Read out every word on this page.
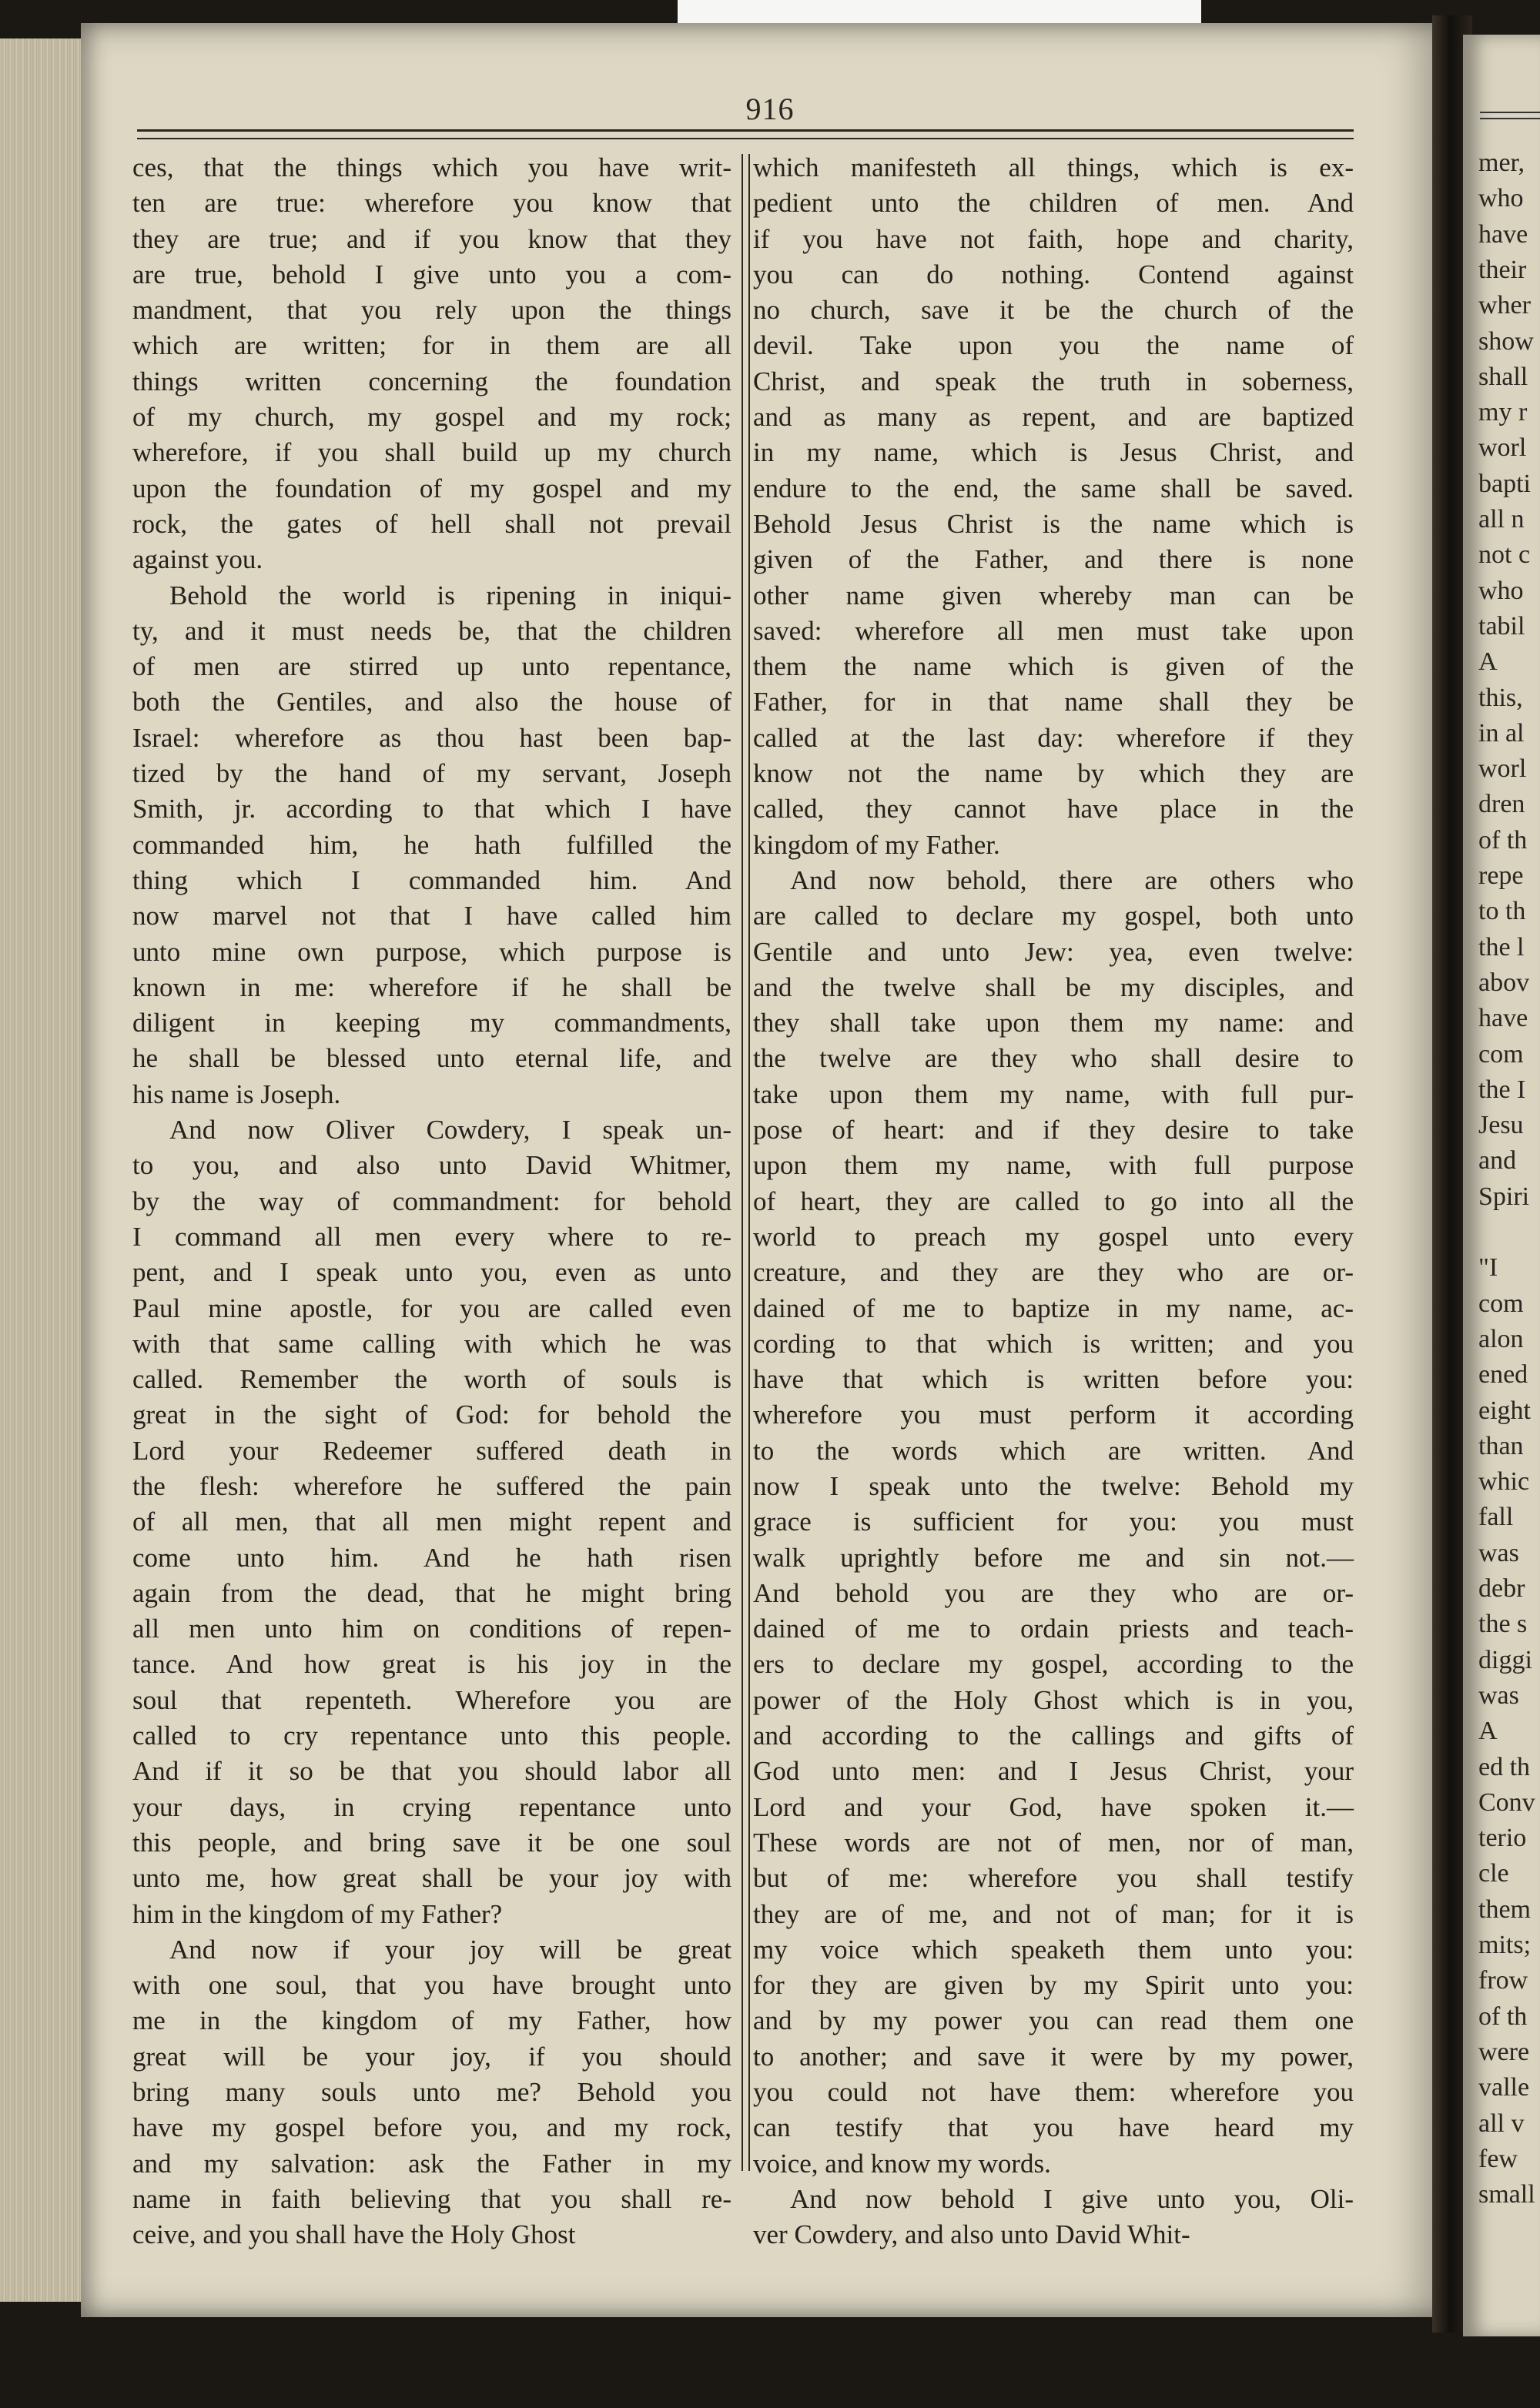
mer,
who
have
their
wher
show
shall
my r
worl
bapti
all n
not c
who
tabil
A
this,
in al
worl
dren
of th
repe
to th
the l
abov
have
com
the I
Jesu
and
Spiri
"I
com
alon
ened
eight
than
whic
fall
was
debr
the s
diggi
was
A
ed th
Conv
terio
cle
them
mits;
frow
of th
were
valle
all v
few
small
916
ces, that the things which you have writ-
ten are true: wherefore you know that
they are true; and if you know that they
are true, behold I give unto you a com-
mandment, that you rely upon the things
which are written; for in them are all
things written concerning the foundation
of my church, my gospel and my rock;
wherefore, if you shall build up my church
upon the foundation of my gospel and my
rock, the gates of hell shall not prevail
against you.
Behold the world is ripening in iniqui-
ty, and it must needs be, that the children
of men are stirred up unto repentance,
both the Gentiles, and also the house of
Israel: wherefore as thou hast been bap-
tized by the hand of my servant, Joseph
Smith, jr. according to that which I have
commanded him, he hath fulfilled the
thing which I commanded him. And
now marvel not that I have called him
unto mine own purpose, which purpose is
known in me: wherefore if he shall be
diligent in keeping my commandments,
he shall be blessed unto eternal life, and
his name is Joseph.
And now Oliver Cowdery, I speak un-
to you, and also unto David Whitmer,
by the way of commandment: for behold
I command all men every where to re-
pent, and I speak unto you, even as unto
Paul mine apostle, for you are called even
with that same calling with which he was
called. Remember the worth of souls is
great in the sight of God: for behold the
Lord your Redeemer suffered death in
the flesh: wherefore he suffered the pain
of all men, that all men might repent and
come unto him. And he hath risen
again from the dead, that he might bring
all men unto him on conditions of repen-
tance. And how great is his joy in the
soul that repenteth. Wherefore you are
called to cry repentance unto this people.
And if it so be that you should labor all
your days, in crying repentance unto
this people, and bring save it be one soul
unto me, how great shall be your joy with
him in the kingdom of my Father?
And now if your joy will be great
with one soul, that you have brought unto
me in the kingdom of my Father, how
great will be your joy, if you should
bring many souls unto me? Behold you
have my gospel before you, and my rock,
and my salvation: ask the Father in my
name in faith believing that you shall re-
ceive, and you shall have the Holy Ghost
which manifesteth all things, which is ex-
pedient unto the children of men. And
if you have not faith, hope and charity,
you can do nothing. Contend against
no church, save it be the church of the
devil. Take upon you the name of
Christ, and speak the truth in soberness,
and as many as repent, and are baptized
in my name, which is Jesus Christ, and
endure to the end, the same shall be saved.
Behold Jesus Christ is the name which is
given of the Father, and there is none
other name given whereby man can be
saved: wherefore all men must take upon
them the name which is given of the
Father, for in that name shall they be
called at the last day: wherefore if they
know not the name by which they are
called, they cannot have place in the
kingdom of my Father.
And now behold, there are others who
are called to declare my gospel, both unto
Gentile and unto Jew: yea, even twelve:
and the twelve shall be my disciples, and
they shall take upon them my name: and
the twelve are they who shall desire to
take upon them my name, with full pur-
pose of heart: and if they desire to take
upon them my name, with full purpose
of heart, they are called to go into all the
world to preach my gospel unto every
creature, and they are they who are or-
dained of me to baptize in my name, ac-
cording to that which is written; and you
have that which is written before you:
wherefore you must perform it according
to the words which are written. And
now I speak unto the twelve: Behold my
grace is sufficient for you: you must
walk uprightly before me and sin not.—
And behold you are they who are or-
dained of me to ordain priests and teach-
ers to declare my gospel, according to the
power of the Holy Ghost which is in you,
and according to the callings and gifts of
God unto men: and I Jesus Christ, your
Lord and your God, have spoken it.—
These words are not of men, nor of man,
but of me: wherefore you shall testify
they are of me, and not of man; for it is
my voice which speaketh them unto you:
for they are given by my Spirit unto you:
and by my power you can read them one
to another; and save it were by my power,
you could not have them: wherefore you
can testify that you have heard my
voice, and know my words.
And now behold I give unto you, Oli-
ver Cowdery, and also unto David Whit-
